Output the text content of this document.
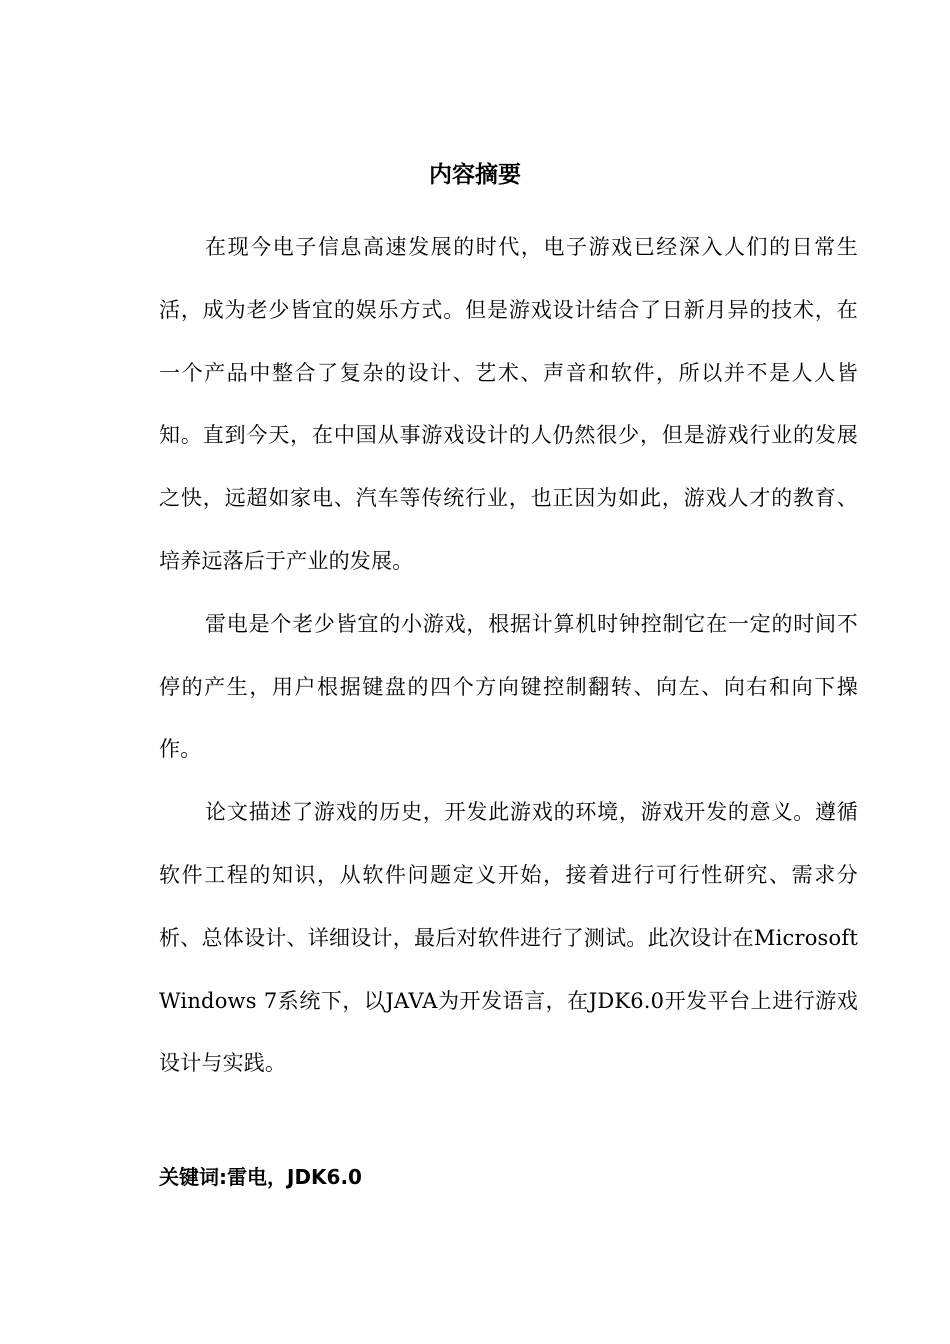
内容摘要

在现今电子信息高速发展的时代，电子游戏已经深入人们的日常生活，成为老少皆宜的娱乐方式。但是游戏设计结合了日新月异的技术，在一个产品中整合了复杂的设计、艺术、声音和软件，所以并不是人人皆知。直到今天，在中国从事游戏设计的人仍然很少，但是游戏行业的发展之快，远超如家电、汽车等传统行业，也正因为如此，游戏人才的教育、培养远落后于产业的发展。

雷电是个老少皆宜的小游戏，根据计算机时钟控制它在一定的时间不停的产生，用户根据键盘的四个方向键控制翻转、向左、向右和向下操作。

论文描述了游戏的历史，开发此游戏的环境，游戏开发的意义。遵循软件工程的知识，从软件问题定义开始，接着进行可行性研究、需求分析、总体设计、详细设计，最后对软件进行了测试。此次设计在Microsoft Windows 7系统下，以JAVA为开发语言，在JDK6.0开发平台上进行游戏设计与实践。

关键词:雷电，JDK6.0
